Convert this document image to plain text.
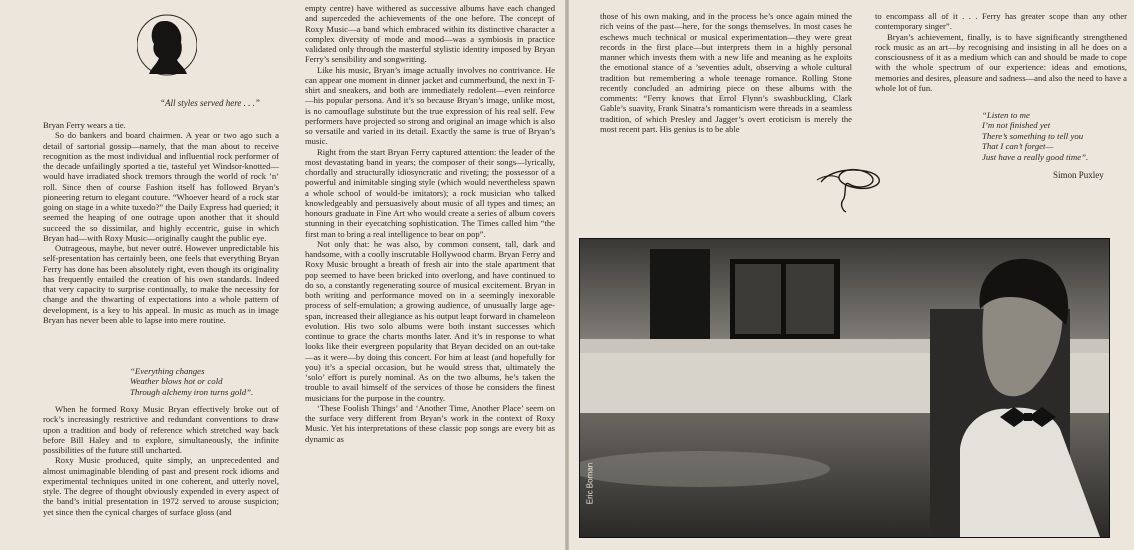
“All styles served here . . .”

Bryan Ferry wears a tie.

So do bankers and board chairmen. A year or two ago such a detail of sartorial gossip—namely, that the man about to receive recognition as the most individual and influential rock performer of the decade unfailingly sported a tie, tasteful yet Windsor-knotted—would have irradiated shock tremors through the world of rock ’n’ roll. Since then of course Fashion itself has followed Bryan’s pioneering return to elegant couture. “Whoever heard of a rock star going on stage in a white tuxedo?” the Daily Express had queried; it seemed the heaping of one outrage upon another that it should succeed the so dissimilar, and highly eccentric, guise in which Bryan had—with Roxy Music—originally caught the public eye.

Outrageous, maybe, but never outré. However unpredictable his self-presentation has certainly been, one feels that everything Bryan Ferry has done has been absolutely right, even though its originality has frequently entailed the creation of his own standards. Indeed that very capacity to surprise continually, to make the necessity for change and the thwarting of expectations into a whole pattern of development, is a key to his appeal. In music as much as in image Bryan has never been able to lapse into mere routine.

“Everything changes
Weather blows hot or cold
Through alchemy iron turns gold”.

When he formed Roxy Music Bryan effectively broke out of rock’s increasingly restrictive and redundant conventions to draw upon a tradition and body of reference which stretched way back before Bill Haley and to explore, simultaneously, the infinite possibilities of the future still uncharted.

Roxy Music produced, quite simply, an unprecedented and almost unimaginable blending of past and present rock idioms and experimental techniques united in one coherent, and utterly novel, style. The degree of thought obviously expended in every aspect of the band’s initial presentation in 1972 served to arouse suspicion; yet since then the cynical charges of surface gloss (and

empty centre) have withered as successive albums have each changed and superceded the achievements of the one before. The concept of Roxy Music—a band which embraced within its distinctive character a complex diversity of mode and mood—was a symbiosis in practice validated only through the masterful stylistic identity imposed by Bryan Ferry’s sensibility and songwriting.

Like his music, Bryan’s image actually involves no contrivance. He can appear one moment in dinner jacket and cummerbund, the next in T-shirt and sneakers, and both are immediately redolent—even reinforce—his popular persona. And it’s so because Bryan’s image, unlike most, is no camouflage substitute but the true expression of his real self. Few performers have projected so strong and original an image which is also so versatile and varied in its detail. Exactly the same is true of Bryan’s music.

Right from the start Bryan Ferry captured attention: the leader of the most devastating band in years; the composer of their songs—lyrically, chordally and structurally idiosyncratic and riveting; the possessor of a powerful and inimitable singing style (which would nevertheless spawn a whole school of would-be imitators); a rock musician who talked knowledgeably and persuasively about music of all types and times; an honours graduate in Fine Art who would create a series of album covers stunning in their eyecatching sophistication. The Times called him “the first man to bring a real intelligence to bear on pop”.

Not only that: he was also, by common consent, tall, dark and handsome, with a coolly inscrutable Hollywood charm. Bryan Ferry and Roxy Music brought a breath of fresh air into the stale apartment that pop seemed to have been bricked into overlong, and have continued to do so, a constantly regenerating source of musical excitement. Bryan in both writing and performance moved on in a seemingly inexorable process of self-emulation; a growing audience, of unusually large age-span, increased their allegiance as his output leapt forward in chameleon evolution. His two solo albums were both instant successes which continue to grace the charts months later. And it’s in response to what looks like their evergreen popularity that Bryan decided on an out-take—as it were—by doing this concert. For him at least (and hopefully for you) it’s a special occasion, but he would stress that, ultimately the ‘solo’ effort is purely nominal. As on the two albums, he’s taken the trouble to avail himself of the services of those he considers the finest musicians for the purpose in the country.

‘These Foolish Things’ and ‘Another Time, Another Place’ seem on the surface very different from Bryan’s work in the context of Roxy Music. Yet his interpretations of these classic pop songs are every bit as dynamic as

those of his own making, and in the process he’s once again mined the rich veins of the past—here, for the songs themselves. In most cases he eschews much technical or musical experimentation—they were great records in the first place—but interprets them in a highly personal manner which invests them with a new life and meaning as he exploits the emotional stance of a ’seventies adult, observing a whole cultural tradition but remembering a whole teenage romance. Rolling Stone recently concluded an admiring piece on these albums with the comments: “Ferry knows that Errol Flynn’s swashbuckling, Clark Gable’s suavity, Frank Sinatra’s romanticism were threads in a seamless tradition, of which Presley and Jagger’s overt eroticism is merely the most recent part. His genius is to be able

to encompass all of it . . . Ferry has greater scope than any other contemporary singer”.

Bryan’s achievement, finally, is to have significantly strengthened rock music as an art—by recognising and insisting in all he does on a consciousness of it as a medium which can and should be made to cope with the whole spectrum of our experience: ideas and emotions, memories and desires, pleasure and sadness—and also the need to have a whole lot of fun.

“Listen to me
I’m not finished yet
There’s something to tell you
That I can’t forget—
Just have a really good time”.
Simon Puxley
Eric Boman
